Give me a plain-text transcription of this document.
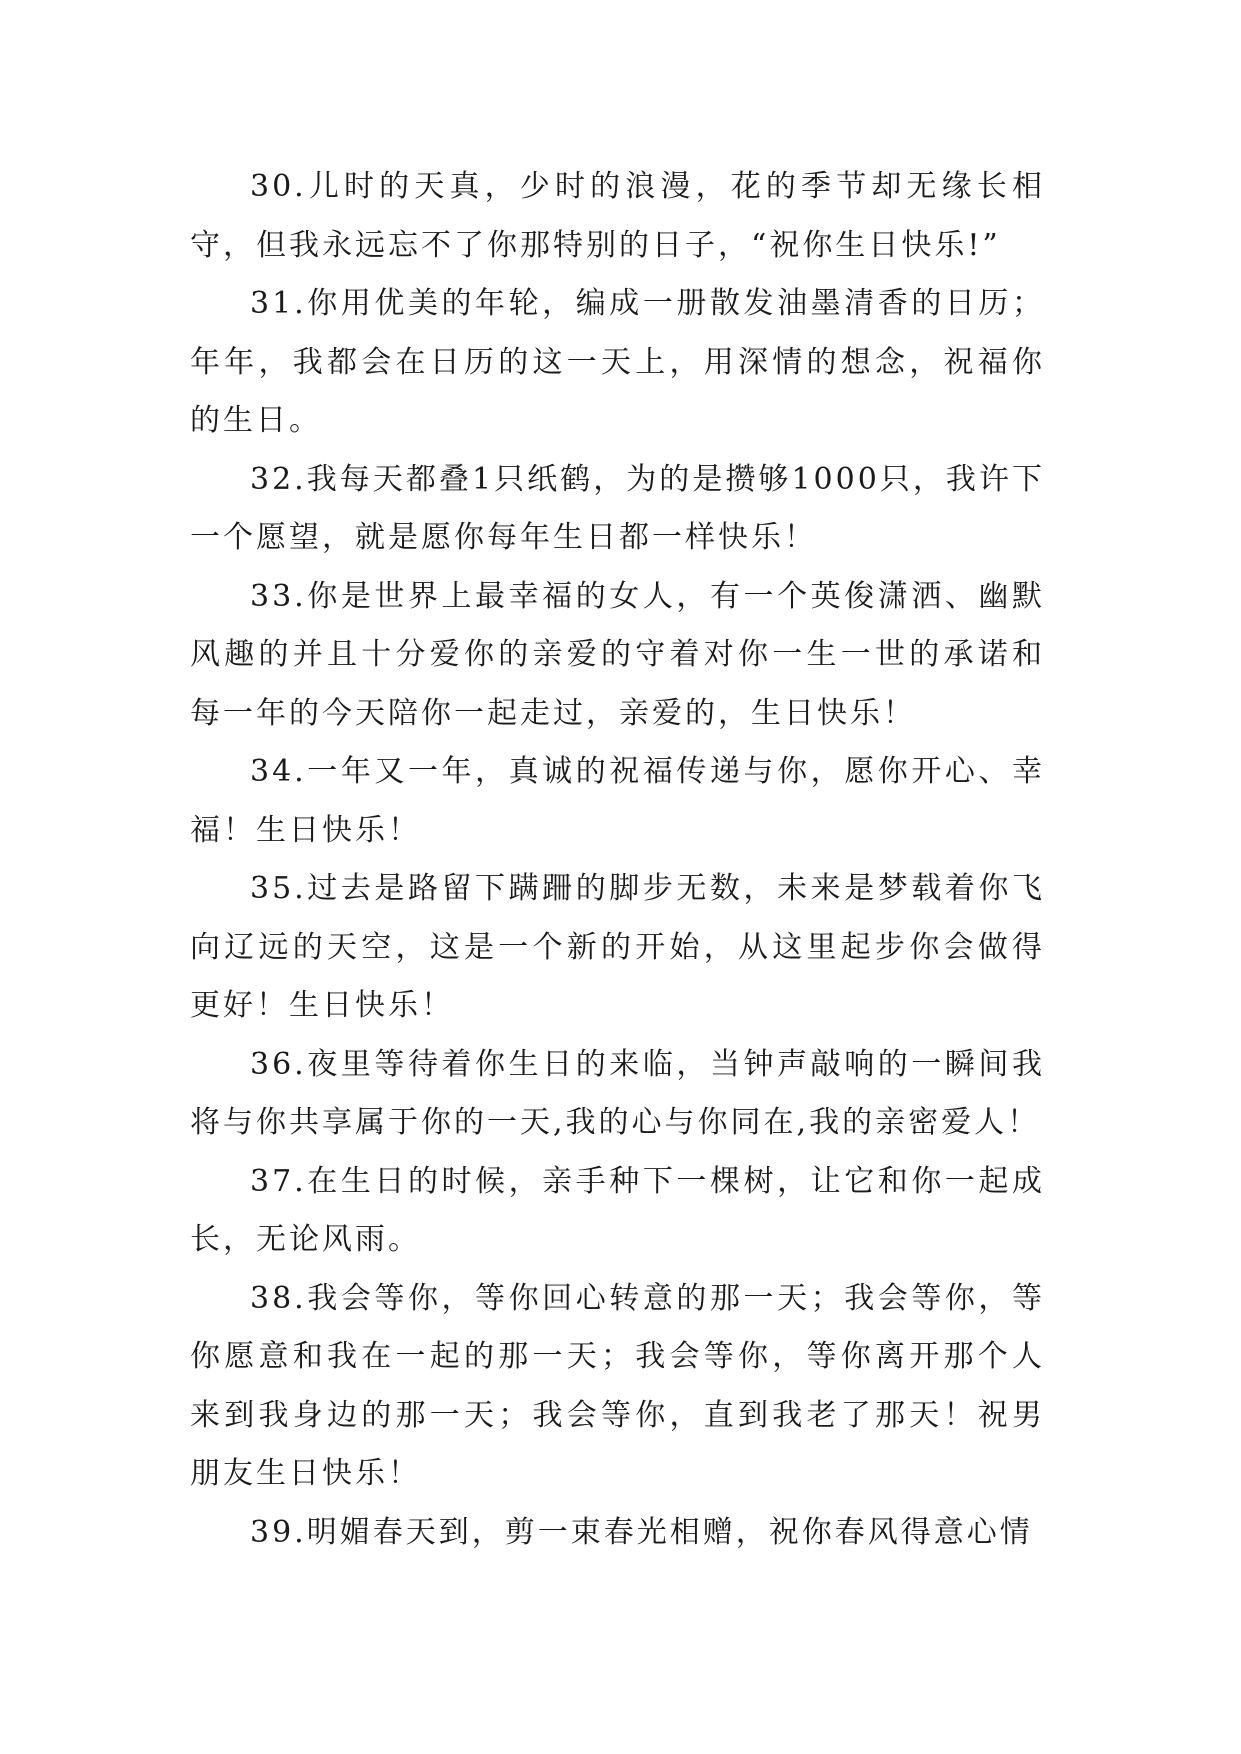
30.儿时的天真，少时的浪漫，花的季节却无缘长相守，但我永远忘不了你那特别的日子，“祝你生日快乐!”

31.你用优美的年轮，编成一册散发油墨清香的日历；年年，我都会在日历的这一天上，用深情的想念，祝福你的生日。

32.我每天都叠1只纸鹤，为的是攒够1000只，我许下一个愿望，就是愿你每年生日都一样快乐！

33.你是世界上最幸福的女人，有一个英俊潇洒、幽默风趣的并且十分爱你的亲爱的守着对你一生一世的承诺和每一年的今天陪你一起走过，亲爱的，生日快乐！

34.一年又一年，真诚的祝福传递与你，愿你开心、幸福！生日快乐！

35.过去是路留下蹒跚的脚步无数，未来是梦载着你飞向辽远的天空，这是一个新的开始，从这里起步你会做得更好！生日快乐！

36.夜里等待着你生日的来临，当钟声敲响的一瞬间我将与你共享属于你的一天,我的心与你同在,我的亲密爱人！

37.在生日的时候，亲手种下一棵树，让它和你一起成长，无论风雨。

38.我会等你，等你回心转意的那一天；我会等你，等你愿意和我在一起的那一天；我会等你，等你离开那个人来到我身边的那一天；我会等你，直到我老了那天！祝男朋友生日快乐！

39.明媚春天到，剪一束春光相赠，祝你春风得意心情
